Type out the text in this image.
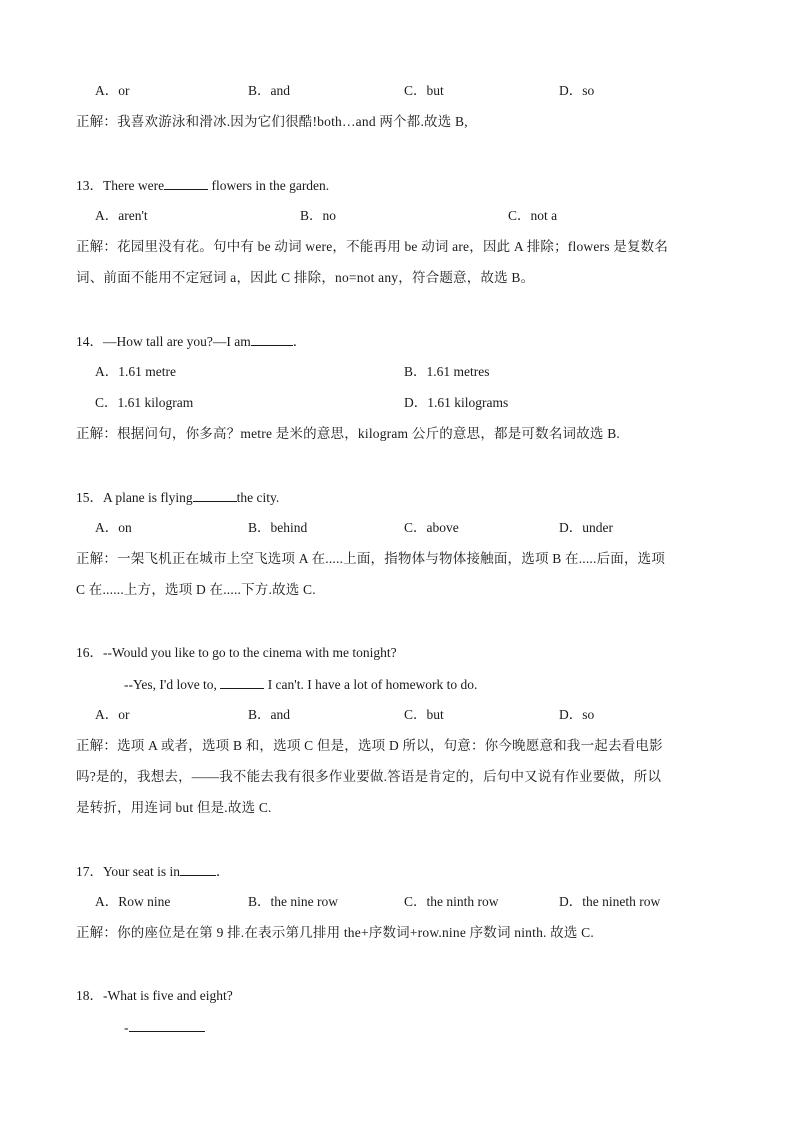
A．or	B．and	C．but	D．so
正解：我喜欢游泳和滑冰.因为它们很酷!both…and 两个都.故选 B,
13．There were	flowers in the garden.
A．aren't	B．no	C．not a
正解：花园里没有花。句中有 be 动词 were，不能再用 be 动词 are，因此 A 排除；flowers 是复数名
词、前面不能用不定冠词 a，因此 C 排除，no=not any，符合题意，故选 B。
14．—How tall are you?—I am	．
A．1.61 metre	B．1.61 metres
C．1.61 kilogram	D．1.61 kilograms
正解：根据问句，你多高？metre 是米的意思，kilogram 公斤的意思，都是可数名词故选 B.
15．A plane is flying	the city.
A．on	B．behind	C．above	D．under
正解：一架飞机正在城市上空飞选项 A 在.....上面，指物体与物体接触面，选项 B 在.....后面，选项
C 在......上方，选项 D 在.....下方.故选 C.
16．--Would you like to go to the cinema with me tonight?
--Yes, I'd love to,	I can't. I have a lot of homework to do.
A．or	B．and	C．but	D．so
正解：选项 A 或者，选项 B 和，选项 C 但是，选项 D 所以，句意：你今晚愿意和我一起去看电影
吗?是的，我想去，——我不能去我有很多作业要做.答语是肯定的，后句中又说有作业要做，所以
是转折，用连词 but 但是.故选 C.
17．Your seat is in	．
A．Row nine	B．the nine row	C．the ninth row	D．the nineth row
正解：你的座位是在第 9 排.在表示第几排用 the+序数词+row.nine 序数词 ninth. 故选 C.
18．-What is five and eight?
-
